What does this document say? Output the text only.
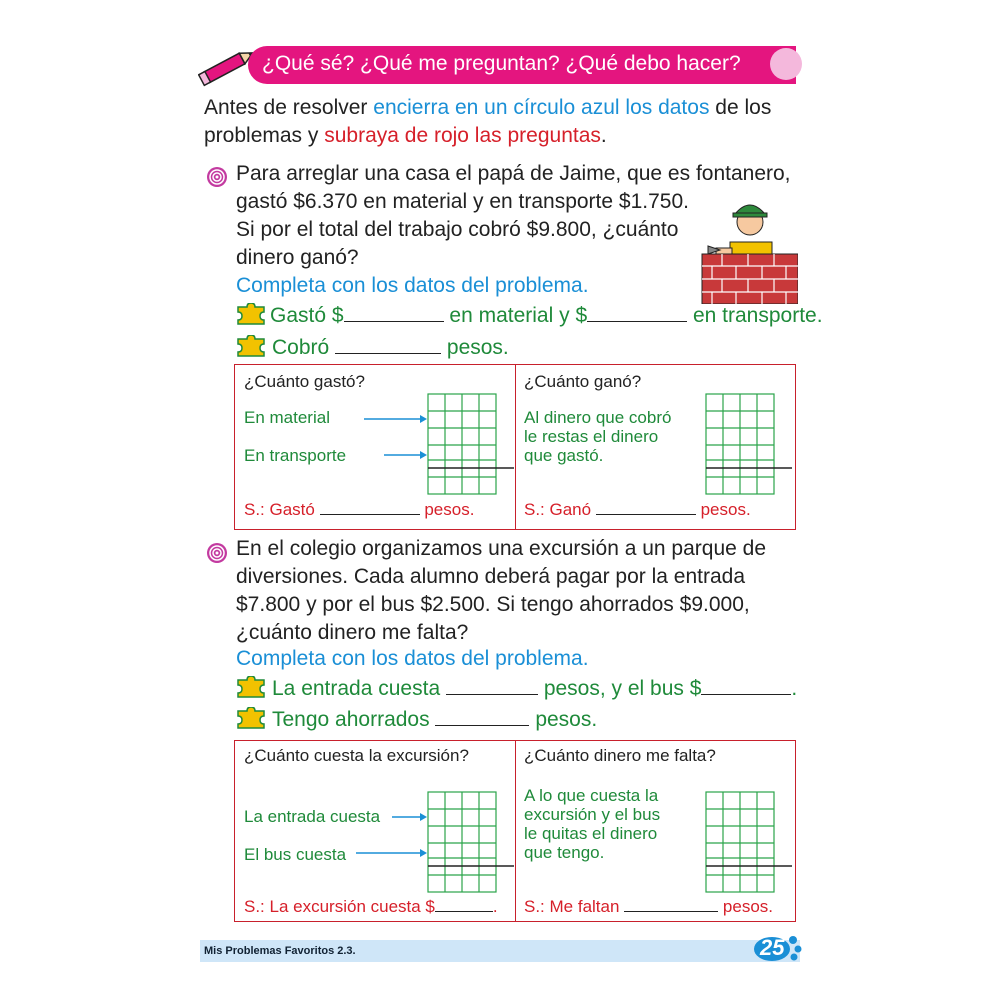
¿Qué sé? ¿Qué me preguntan? ¿Qué debo hacer?
Antes de resolver encierra en un círculo azul los datos de los
problemas y subraya de rojo las preguntas.
Para arreglar una casa el papá de Jaime, que es fontanero,
gastó $6.370 en material y en transporte $1.750.
Si por el total del trabajo cobró $9.800, ¿cuánto
dinero ganó?
Completa con los datos del problema.
Gastó $	en material y $	en transporte.
Cobró	pesos.
¿Cuánto gastó?
En material
En transporte
S.: Gastó	pesos.
¿Cuánto ganó?
Al dinero que cobró
le restas el dinero
que gastó.
S.: Ganó	pesos.
En el colegio organizamos una excursión a un parque de
diversiones. Cada alumno deberá pagar por la entrada
$7.800 y por el bus $2.500. Si tengo ahorrados $9.000,
¿cuánto dinero me falta?
Completa con los datos del problema.
La entrada cuesta	pesos, y el bus $	.
Tengo ahorrados	pesos.
¿Cuánto cuesta la excursión?
La entrada cuesta
El bus cuesta
S.: La excursión cuesta $	.
¿Cuánto dinero me falta?
A lo que cuesta la
excursión y el bus
le quitas el dinero
que tengo.
S.: Me faltan	pesos.
Mis Problemas Favoritos 2.3.	25
